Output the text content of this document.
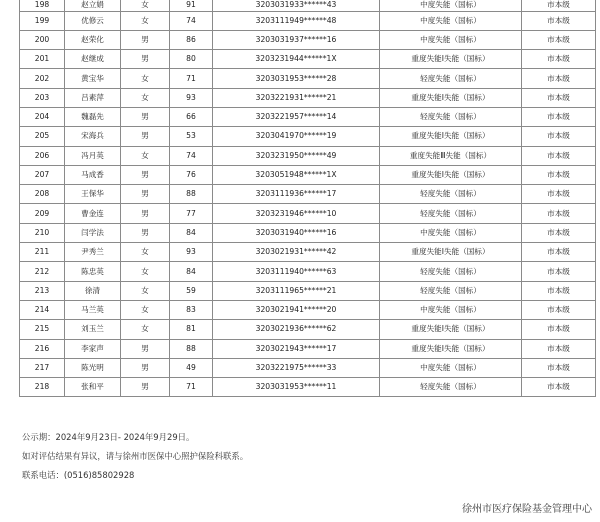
198	赵立娟	女	91	3203031933******43	中度失能（国标）	市本级
199	优修云	女	74	3203111949******48	中度失能（国标）	市本级
200	赵荣化	男	86	3203031937******16	中度失能（国标）	市本级
201	赵继成	男	80	3203231944******1X	重度失能Ⅰ失能（国标）	市本级
202	黄宝华	女	71	3203031953******28	轻度失能（国标）	市本级
203	吕素萍	女	93	3203221931******21	重度失能Ⅰ失能（国标）	市本级
204	魏磊先	男	66	3203221957******14	轻度失能（国标）	市本级
205	宋海兵	男	53	3203041970******19	重度失能Ⅰ失能（国标）	市本级
206	冯月英	女	74	3203231950******49	重度失能Ⅲ失能（国标）	市本级
207	马成香	男	76	3203051948******1X	重度失能Ⅰ失能（国标）	市本级
208	王保华	男	88	3203111936******17	轻度失能（国标）	市本级
209	曹金连	男	77	3203231946******10	轻度失能（国标）	市本级
210	闫学法	男	84	3203031940******16	中度失能（国标）	市本级
211	尹秀兰	女	93	3203021931******42	重度失能Ⅰ失能（国标）	市本级
212	陈忠英	女	84	3203111940******63	轻度失能（国标）	市本级
213	徐清	女	59	3203111965******21	轻度失能（国标）	市本级
214	马兰英	女	83	3203021941******20	中度失能（国标）	市本级
215	刘玉兰	女	81	3203021936******62	重度失能Ⅰ失能（国标）	市本级
216	李家声	男	88	3203021943******17	重度失能Ⅰ失能（国标）	市本级
217	陈光明	男	49	3203221975******33	中度失能（国标）	市本级
218	张和平	男	71	3203031953******11	轻度失能（国标）	市本级
公示期：2024年9月23日- 2024年9月29日。
如对评估结果有异议，请与徐州市医保中心照护保险科联系。
联系电话：(0516)85802928
徐州市医疗保险基金管理中心
